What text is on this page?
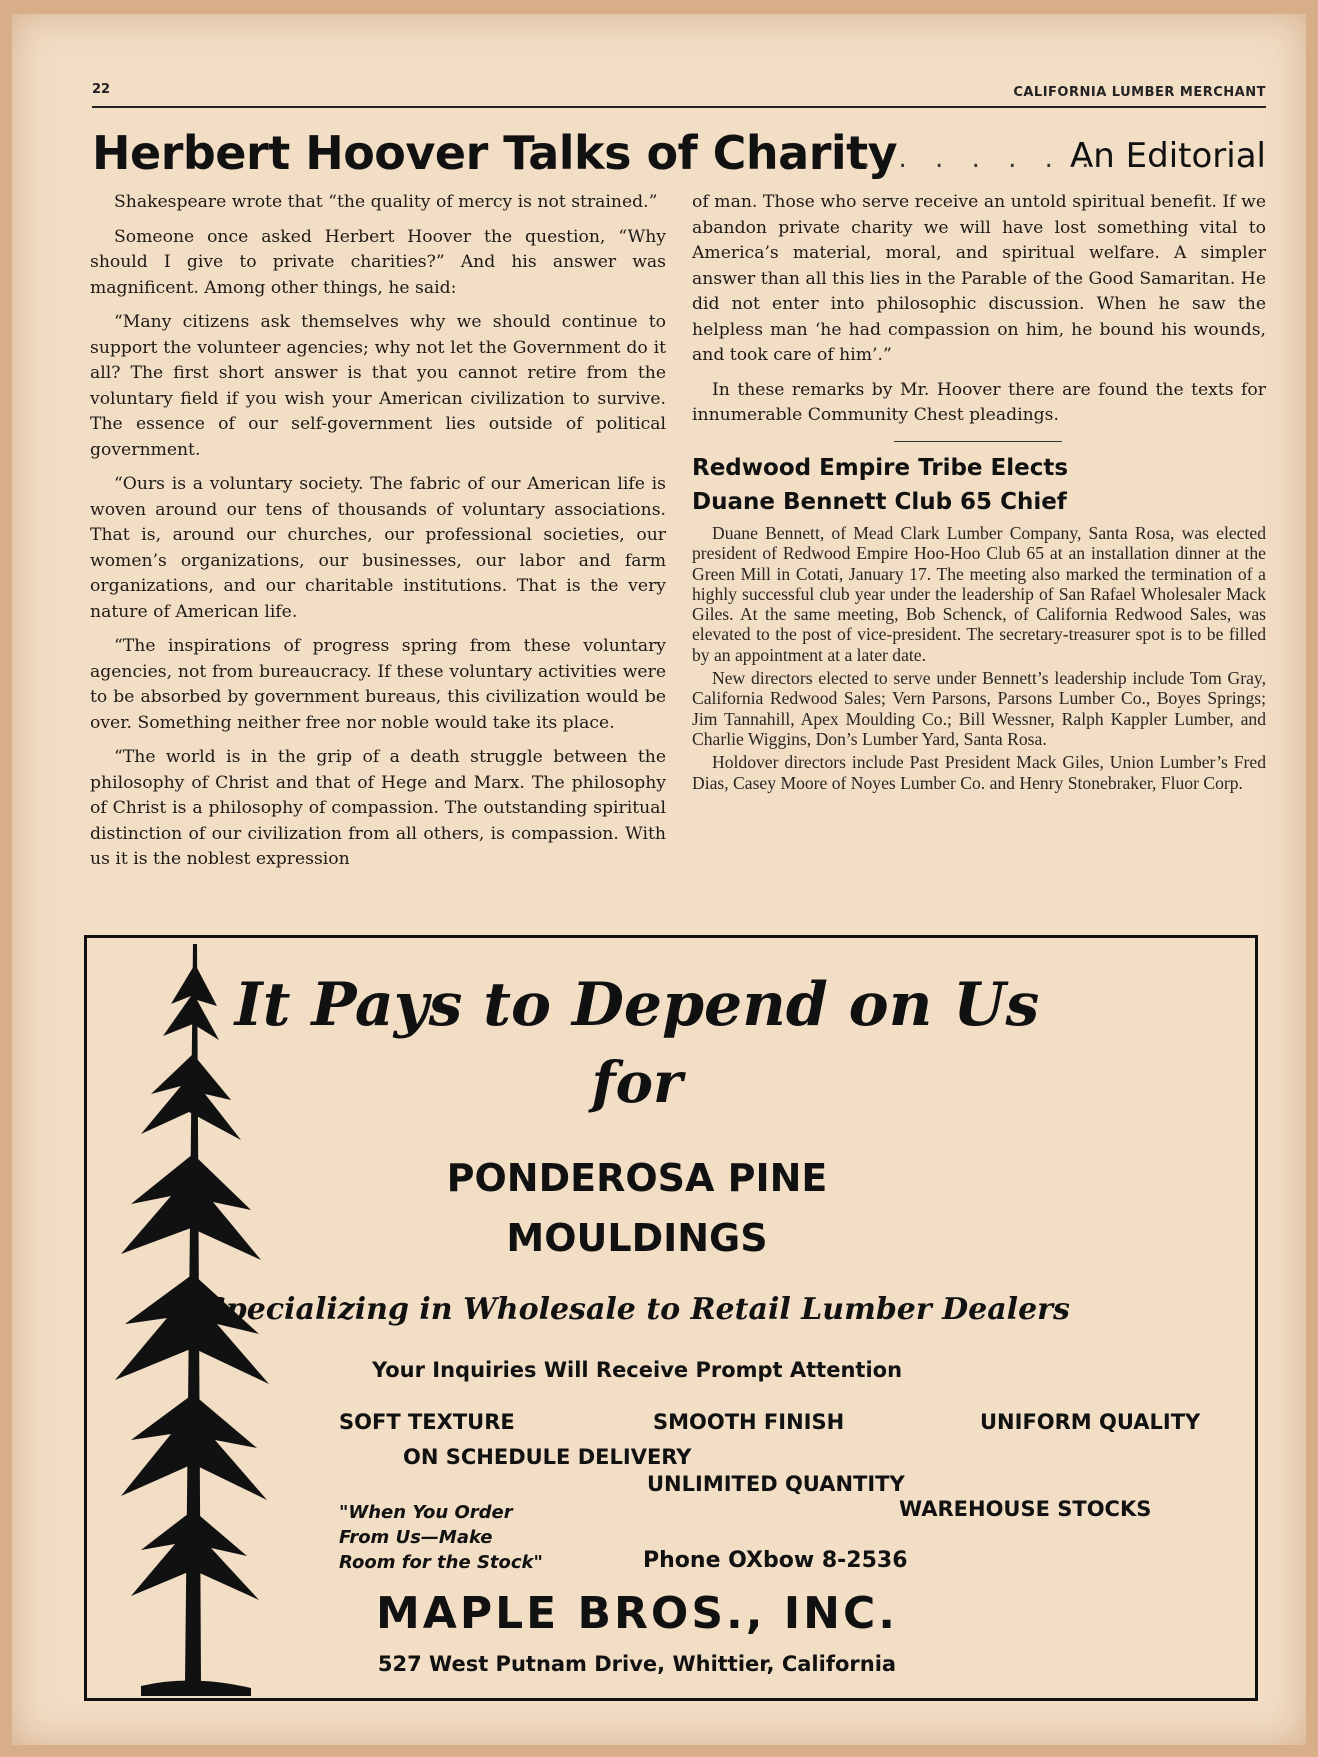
22	CALIFORNIA LUMBER MERCHANT
Herbert Hoover Talks of Charity
. . . . . . .
An Editorial

Shakespeare wrote that “the quality of mercy is not strained.”

Someone once asked Herbert Hoover the question, “Why should I give to private charities?” And his answer was magnificent. Among other things, he said:

“Many citizens ask themselves why we should continue to support the volunteer agencies; why not let the Government do it all? The first short answer is that you cannot retire from the voluntary field if you wish your American civilization to survive. The essence of our self-government lies outside of political government.

“Ours is a voluntary society. The fabric of our American life is woven around our tens of thousands of voluntary associations. That is, around our churches, our professional societies, our women’s organizations, our businesses, our labor and farm organizations, and our charitable institutions. That is the very nature of American life.

“The inspirations of progress spring from these voluntary agencies, not from bureaucracy. If these voluntary activities were to be absorbed by government bureaus, this civilization would be over. Something neither free nor noble would take its place.

“The world is in the grip of a death struggle between the philosophy of Christ and that of Hege and Marx. The philosophy of Christ is a philosophy of compassion. The outstanding spiritual distinction of our civilization from all others, is compassion. With us it is the noblest expression

of man. Those who serve receive an untold spiritual benefit. If we abandon private charity we will have lost something vital to America’s material, moral, and spiritual welfare. A simpler answer than all this lies in the Parable of the Good Samaritan. He did not enter into philosophic discussion. When he saw the helpless man ‘he had compassion on him, he bound his wounds, and took care of him’.”

In these remarks by Mr. Hoover there are found the texts for innumerable Community Chest pleadings.

Redwood Empire Tribe Elects
Duane Bennett Club 65 Chief

Duane Bennett, of Mead Clark Lumber Company, Santa Rosa, was elected president of Redwood Empire Hoo-Hoo Club 65 at an installation dinner at the Green Mill in Cotati, January 17. The meeting also marked the termination of a highly successful club year under the leadership of San Rafael Wholesaler Mack Giles. At the same meeting, Bob Schenck, of California Redwood Sales, was elevated to the post of vice-president. The secretary-treasurer spot is to be filled by an appointment at a later date.

New directors elected to serve under Bennett’s leadership include Tom Gray, California Redwood Sales; Vern Parsons, Parsons Lumber Co., Boyes Springs; Jim Tannahill, Apex Moulding Co.; Bill Wessner, Ralph Kappler Lumber, and Charlie Wiggins, Don’s Lumber Yard, Santa Rosa.

Holdover directors include Past President Mack Giles, Union Lumber’s Fred Dias, Casey Moore of Noyes Lumber Co. and Henry Stonebraker, Fluor Corp.

It Pays to Depend on Us
for
PONDEROSA PINE
MOULDINGS
Specializing in Wholesale to Retail Lumber Dealers
Your Inquiries Will Receive Prompt Attention
SOFT TEXTURE	SMOOTH FINISH	UNIFORM QUALITY
ON SCHEDULE DELIVERY
UNLIMITED QUANTITY
WAREHOUSE STOCKS
"When You Order
From Us—Make
Room for the Stock"	Phone OXbow 8-2536
MAPLE BROS., INC.
527 West Putnam Drive, Whittier, California
